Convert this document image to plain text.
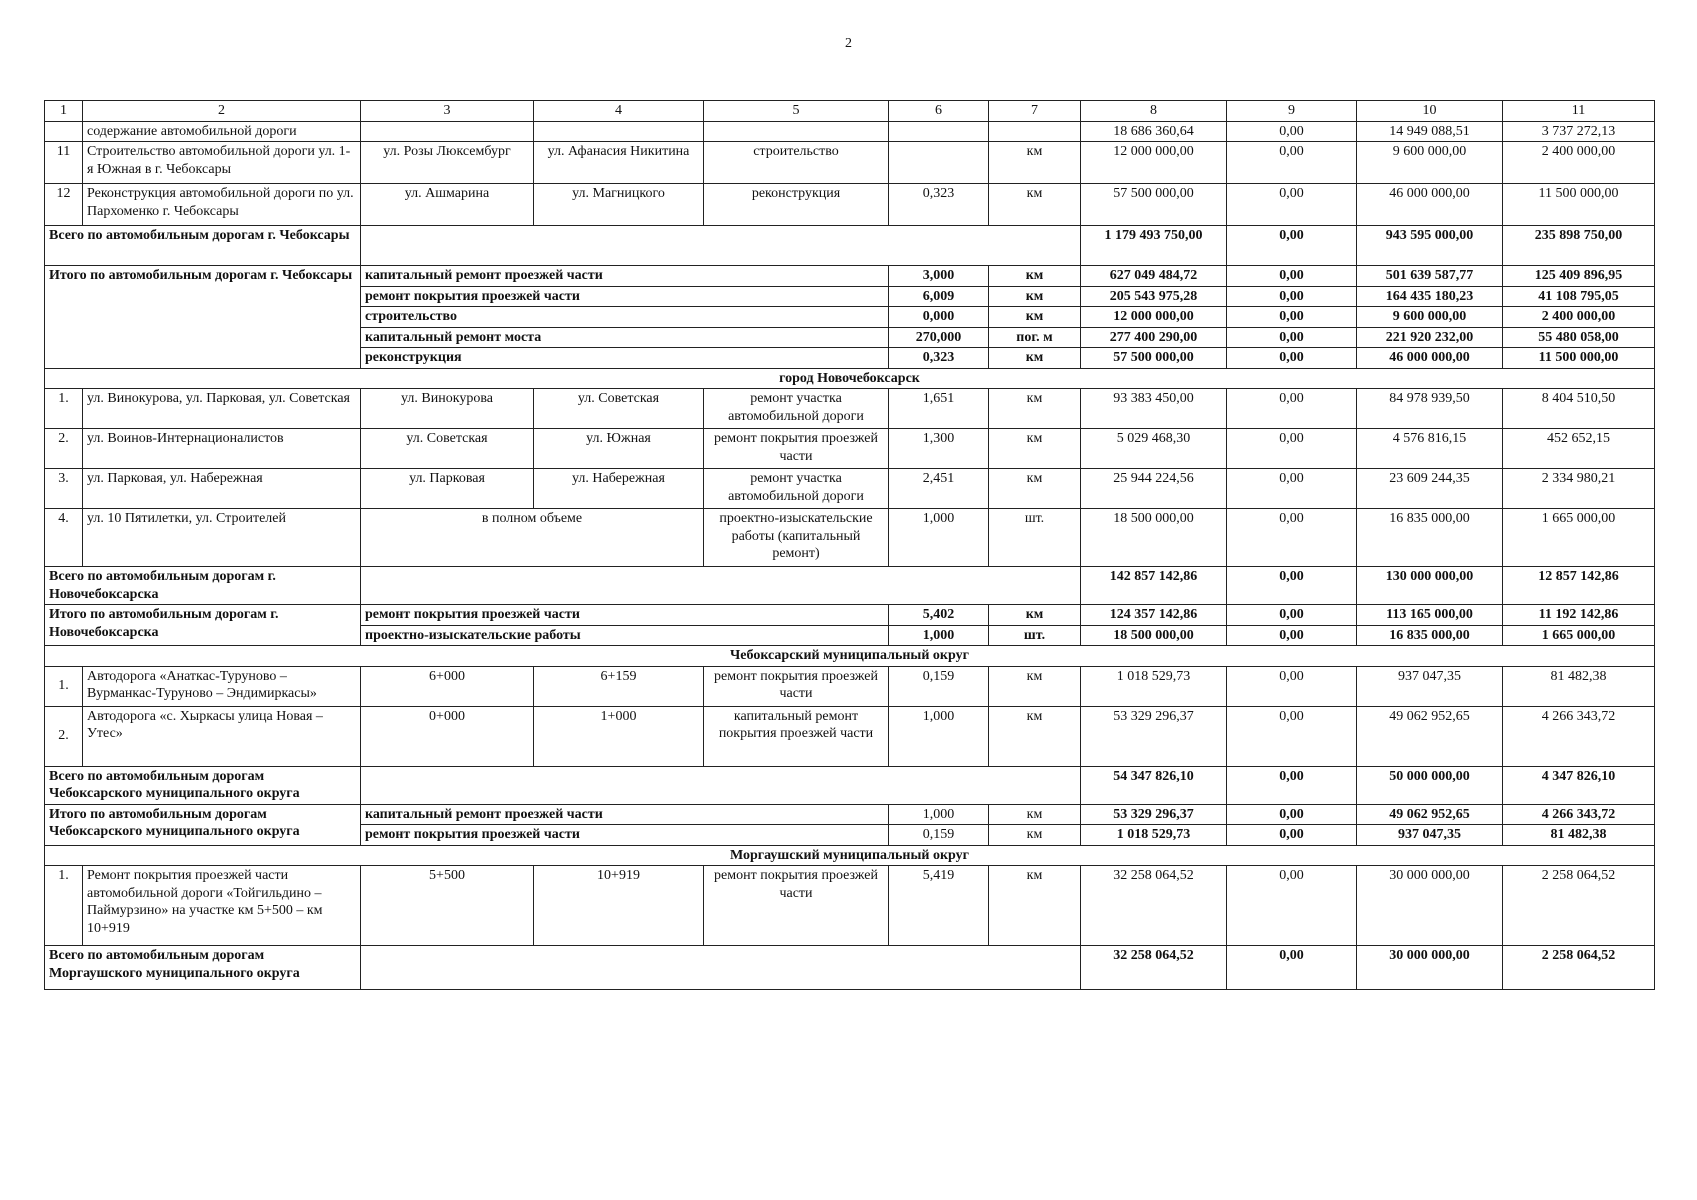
2
1	2	3	4	5	6	7	8	9	10	11
	содержание автомобильной дороги						18 686 360,64	0,00	14 949 088,51	3 737 272,13
11	Строительство автомобильной дороги ул. 1-я Южная в г. Чебоксары	ул. Розы Люксембург	ул. Афанасия Никитина	строительство		км	12 000 000,00	0,00	9 600 000,00	2 400 000,00
12	Реконструкция автомобильной дороги по ул. Пархоменко г. Чебоксары	ул. Ашмарина	ул. Магницкого	реконструкция	0,323	км	57 500 000,00	0,00	46 000 000,00	11 500 000,00
Всего по автомобильным дорогам г. Чебоксары							1 179 493 750,00	0,00	943 595 000,00	235 898 750,00
Итого по автомобильным дорогам г. Чебоксары		капитальный ремонт проезжей части			3,000	км	627 049 484,72	0,00	501 639 587,77	125 409 896,95
		ремонт покрытия проезжей части			6,009	км	205 543 975,28	0,00	164 435 180,23	41 108 795,05
		строительство			0,000	км	12 000 000,00	0,00	9 600 000,00	2 400 000,00
		капитальный ремонт моста			270,000	пог. м	277 400 290,00	0,00	221 920 232,00	55 480 058,00
		реконструкция			0,323	км	57 500 000,00	0,00	46 000 000,00	11 500 000,00
город Новочебоксарск										
1.	ул. Винокурова, ул. Парковая, ул. Советская	ул. Винокурова	ул. Советская	ремонт участка автомобильной дороги	1,651	км	93 383 450,00	0,00	84 978 939,50	8 404 510,50
2.	ул. Воинов-Интернационалистов	ул. Советская	ул. Южная	ремонт покрытия проезжей части	1,300	км	5 029 468,30	0,00	4 576 816,15	452 652,15
3.	ул. Парковая, ул. Набережная	ул. Парковая	ул. Набережная	ремонт участка автомобильной дороги	2,451	км	25 944 224,56	0,00	23 609 244,35	2 334 980,21
4.	ул. 10 Пятилетки, ул. Строителей	в полном объеме		проектно-изыскательские работы (капитальный ремонт)	1,000	шт.	18 500 000,00	0,00	16 835 000,00	1 665 000,00
Всего по автомобильным дорогам г. Новочебоксарска							142 857 142,86	0,00	130 000 000,00	12 857 142,86
Итого по автомобильным дорогам г. Новочебоксарска		ремонт покрытия проезжей части			5,402	км	124 357 142,86	0,00	113 165 000,00	11 192 142,86
		проектно-изыскательские работы			1,000	шт.	18 500 000,00	0,00	16 835 000,00	1 665 000,00
Чебоксарский муниципальный округ										
1.	Автодорога «Анаткас-Туруново – Вурманкас-Туруново – Эндимиркасы»	6+000	6+159	ремонт покрытия проезжей части	0,159	км	1 018 529,73	0,00	937 047,35	81 482,38
2.	Автодорога «с. Хыркасы улица Новая – Утес»	0+000	1+000	капитальный ремонт покрытия проезжей части	1,000	км	53 329 296,37	0,00	49 062 952,65	4 266 343,72
Всего по автомобильным дорогам Чебоксарского муниципального округа							54 347 826,10	0,00	50 000 000,00	4 347 826,10
Итого по автомобильным дорогам Чебоксарского муниципального округа		капитальный ремонт проезжей части			1,000	км	53 329 296,37	0,00	49 062 952,65	4 266 343,72
		ремонт покрытия проезжей части			0,159	км	1 018 529,73	0,00	937 047,35	81 482,38
Моргаушский муниципальный округ										
1.	Ремонт покрытия проезжей части автомобильной дороги «Тойгильдино – Паймурзино» на участке км 5+500 – км 10+919	5+500	10+919	ремонт покрытия проезжей части	5,419	км	32 258 064,52	0,00	30 000 000,00	2 258 064,52
Всего по автомобильным дорогам Моргаушского муниципального округа							32 258 064,52	0,00	30 000 000,00	2 258 064,52
